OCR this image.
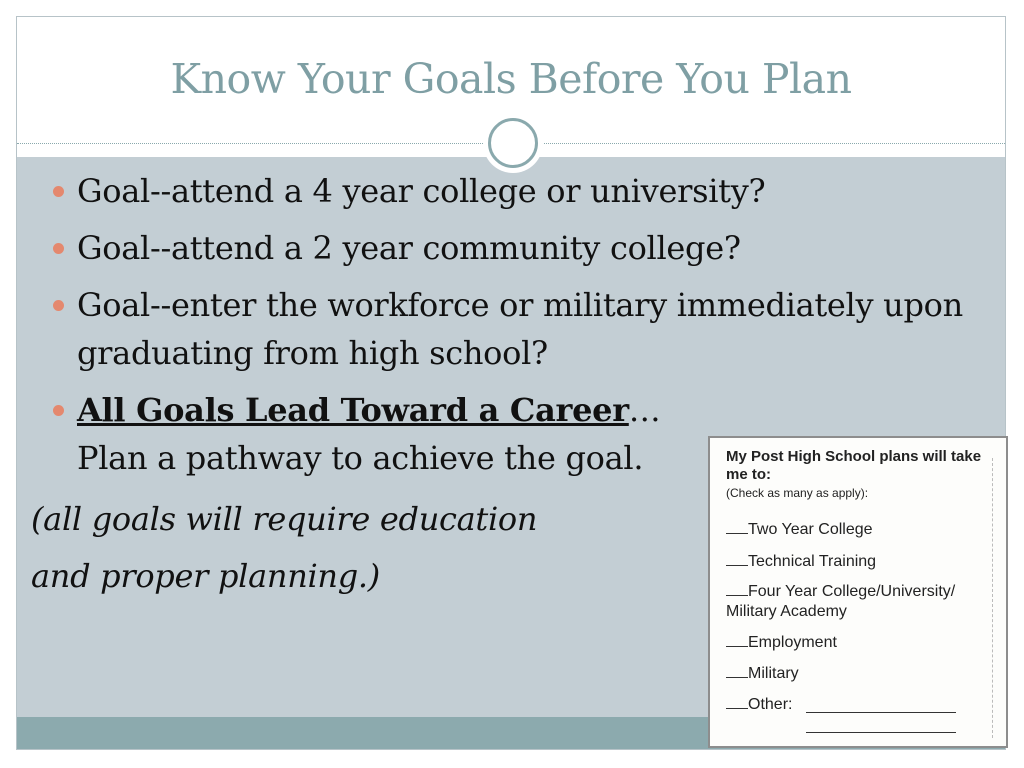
Know Your Goals Before You Plan
Goal--attend a 4 year college or university?
Goal--attend a 2 year community college?
Goal--enter the workforce or military immediately upon graduating from high school?
All Goals Lead Toward a Career…Plan a pathway to achieve the goal.
(all goals will require education
and proper planning.)
My Post High School plans will take me to:
(Check as many as apply):
Two Year College
Technical Training
Four Year College/University/ Military Academy
Employment
Military
Other:
